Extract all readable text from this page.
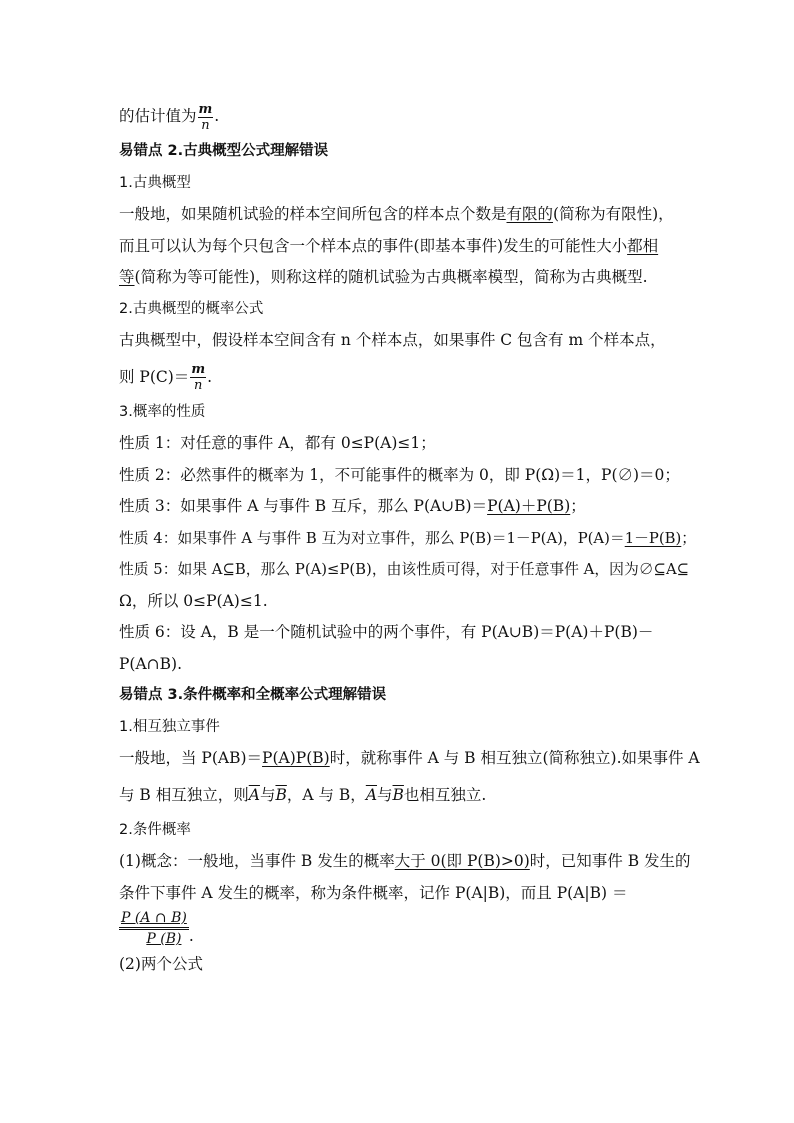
的估计值为 $\frac{m}{n}$ .
易错点 2.古典概型公式理解错误
1.古典概型
一般地，如果随机试验的样本空间所包含的样本点个数是有限的(简称为有限性)，
而且可以认为每个只包含一个样本点的事件(即基本事件)发生的可能性大小都相
等(简称为等可能性)，则称这样的随机试验为古典概率模型，简称为古典概型.
2.古典概型的概率公式
古典概型中，假设样本空间含有 n 个样本点，如果事件 C 包含有 m 个样本点，
则 $P(C)= \frac{m}{n}$ .
3.概率的性质
性质 1：对任意的事件 A，都有 0≤P(A)≤1；
性质 2：必然事件的概率为 1，不可能事件的概率为 0，即 P(Ω)＝1，P(∅)＝0；
性质 3：如果事件 A 与事件 B 互斥，那么 P(A∪B)＝P(A)＋P(B)；
性质 4：如果事件 A 与事件 B 互为对立事件，那么 P(B)＝1－P(A)，P(A)＝1－P(B)；
性质 5：如果 A⊆B，那么 P(A)≤P(B)，由该性质可得，对于任意事件 A，因为∅⊆A⊆
Ω，所以 0≤P(A)≤1.
性质 6：设 A，B 是一个随机试验中的两个事件，有 P(A∪B)＝P(A)＋P(B)－
P(A∩B).
易错点 3.条件概率和全概率公式理解错误
1.相互独立事件
一般地，当 P(AB)＝P(A)P(B)时，就称事件 A 与 B 相互独立(简称独立).如果事件 A
与 B 相互独立，则$\overline{A}$与$\overline{B}$，A 与 B，$\overline{A}$与$\overline{B}$也相互独立.
2.条件概率
(1)概念：一般地，当事件 B 发生的概率大于 0(即 P(B)>0)时，已知事件 B 发生的
条件下事件 A 发生的概率，称为条件概率，记作 P(A|B)，而且 P(A|B) ＝
$\frac{P (A \cap B)}{P (B)}$ .
(2)两个公式
